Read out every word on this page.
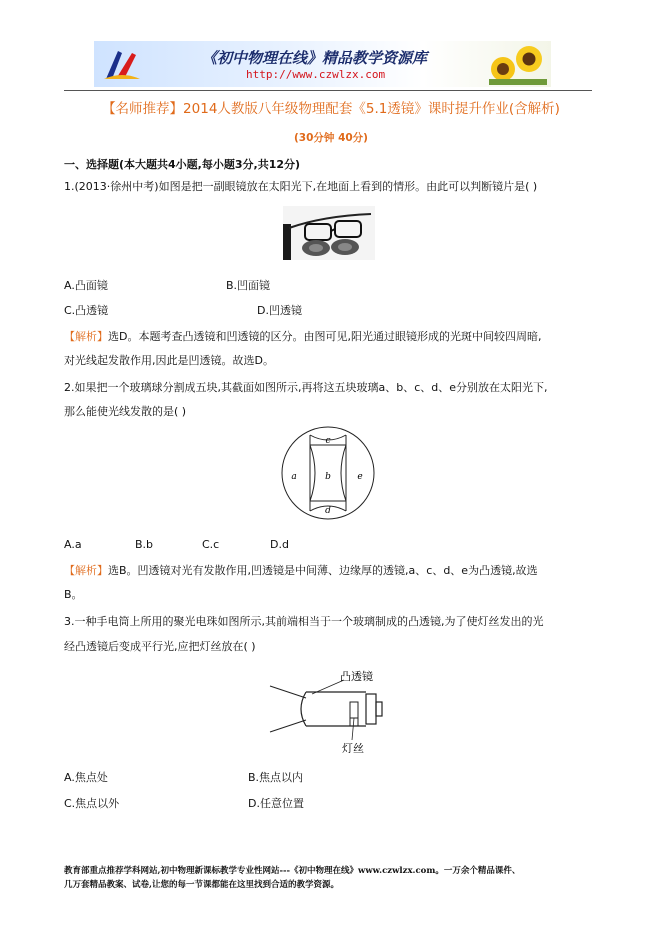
《初中物理在线》精品教学资源库
http://www.czwlzx.com
【名师推荐】2014人教版八年级物理配套《5.1透镜》课时提升作业(含解析)
(30分钟 40分)
一、选择题(本大题共4小题,每小题3分,共12分)
1.(2013·徐州中考)如图是把一副眼镜放在太阳光下,在地面上看到的情形。由此可以判断镜片是( )
A.凸面镜	B.凹面镜
C.凸透镜	D.凹透镜
【解析】选D。本题考查凸透镜和凹透镜的区分。由图可见,阳光通过眼镜形成的光斑中间较四周暗,
对光线起发散作用,因此是凹透镜。故选D。
2.如果把一个玻璃球分割成五块,其截面如图所示,再将这五块玻璃a、b、c、d、e分别放在太阳光下,
那么能使光线发散的是( )
c
a	b	e
d
A.a	B.b	C.c	D.d
【解析】选B。凹透镜对光有发散作用,凹透镜是中间薄、边缘厚的透镜,a、c、d、e为凸透镜,故选
B。
3.一种手电筒上所用的聚光电珠如图所示,其前端相当于一个玻璃制成的凸透镜,为了使灯丝发出的光
经凸透镜后变成平行光,应把灯丝放在( )
凸透镜
灯丝
A.焦点处	B.焦点以内
C.焦点以外	D.任意位置
教育部重点推荐学科网站,初中物理新课标教学专业性网站---《初中物理在线》www.czwlzx.com。一万余个精品课件、
几万套精品教案、试卷,让您的每一节课都能在这里找到合适的教学资源。
